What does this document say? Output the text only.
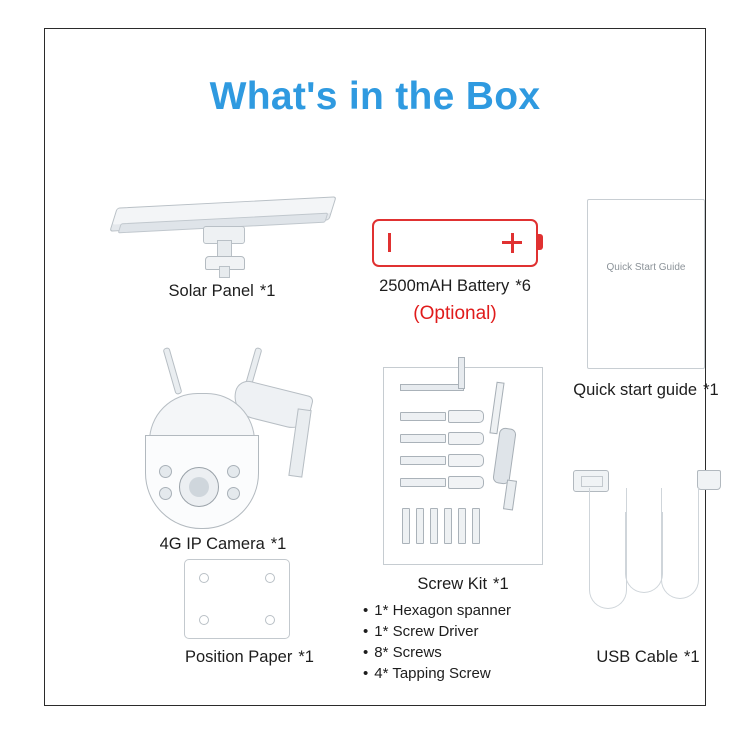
What's in the Box
Solar Panel *1	2500mAH Battery *6
(Optional)
Quick Start Guide
Quick start guide *1
4G IP Camera *1
Screw Kit *1
• 1* Hexagon spanner
• 1* Screw Driver
• 8* Screws
• 4* Tapping Screw
Position Paper *1	USB Cable *1
